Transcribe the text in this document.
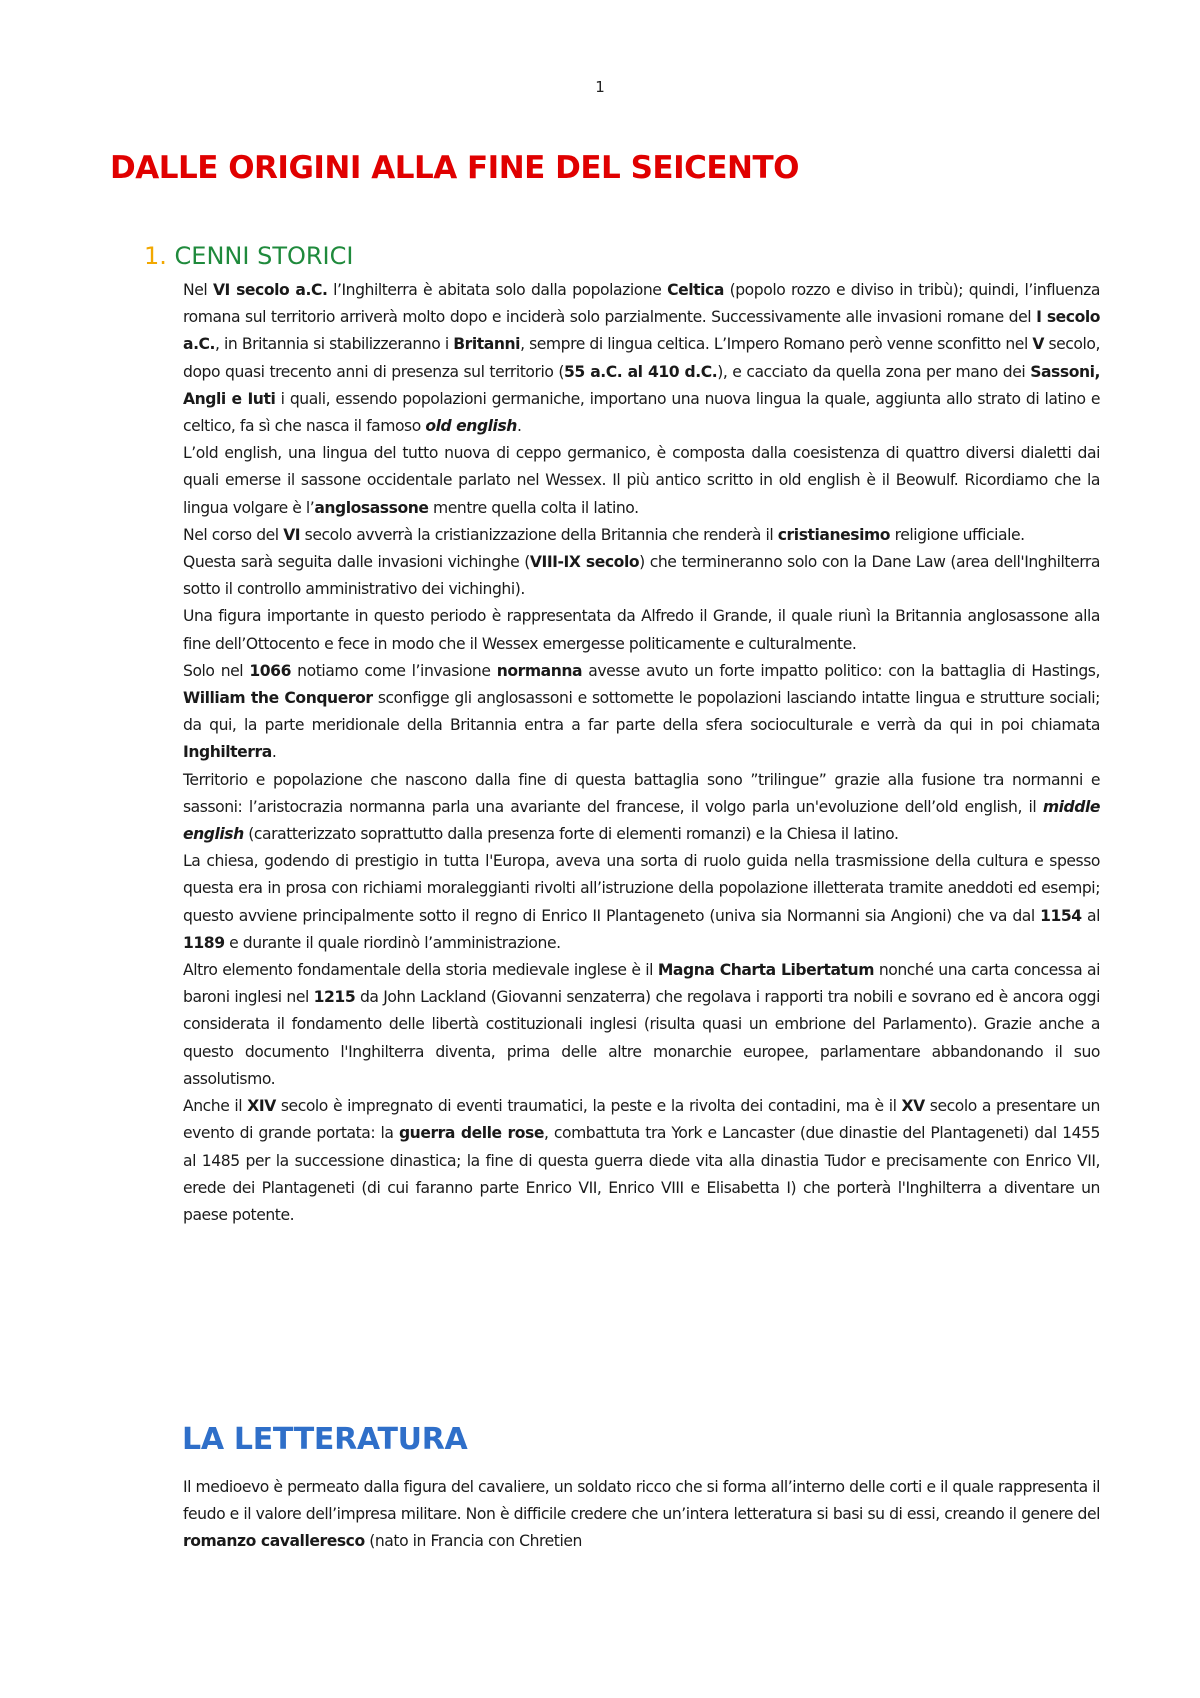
1
DALLE ORIGINI ALLA FINE DEL SEICENTO
1. CENNI STORICI

Nel VI secolo a.C. l’Inghilterra è abitata solo dalla popolazione Celtica (popolo rozzo e diviso in tribù); quindi, l’influenza romana sul territorio arriverà molto dopo e inciderà solo parzialmente. Successivamente alle invasioni romane del I secolo a.C., in Britannia si stabilizzeranno i Britanni, sempre di lingua celtica. L’Impero Romano però venne sconfitto nel V secolo, dopo quasi trecento anni di presenza sul territorio (55 a.C. al 410 d.C.), e cacciato da quella zona per mano dei Sassoni, Angli e Iuti i quali, essendo popolazioni germaniche, importano una nuova lingua la quale, aggiunta allo strato di latino e celtico, fa sì che nasca il famoso old english.

L’old english, una lingua del tutto nuova di ceppo germanico, è composta dalla coesistenza di quattro diversi dialetti dai quali emerse il sassone occidentale parlato nel Wessex. Il più antico scritto in old english è il Beowulf. Ricordiamo che la lingua volgare è l’anglosassone mentre quella colta il latino.

Nel corso del VI secolo avverrà la cristianizzazione della Britannia che renderà il cristianesimo religione ufficiale.

Questa sarà seguita dalle invasioni vichinghe (VIII-IX secolo) che termineranno solo con la Dane Law (area dell'Inghilterra sotto il controllo amministrativo dei vichinghi).

Una figura importante in questo periodo è rappresentata da Alfredo il Grande, il quale riunì la Britannia anglosassone alla fine dell’Ottocento e fece in modo che il Wessex emergesse politicamente e culturalmente.

Solo nel 1066 notiamo come l’invasione normanna avesse avuto un forte impatto politico: con la battaglia di Hastings, William the Conqueror sconfigge gli anglosassoni e sottomette le popolazioni lasciando intatte lingua e strutture sociali; da qui, la parte meridionale della Britannia entra a far parte della sfera socioculturale e verrà da qui in poi chiamata Inghilterra.

Territorio e popolazione che nascono dalla fine di questa battaglia sono ”trilingue” grazie alla fusione tra normanni e sassoni: l’aristocrazia normanna parla una avariante del francese, il volgo parla un'evoluzione dell’old english, il middle english (caratterizzato soprattutto dalla presenza forte di elementi romanzi) e la Chiesa il latino.

La chiesa, godendo di prestigio in tutta l'Europa, aveva una sorta di ruolo guida nella trasmissione della cultura e spesso questa era in prosa con richiami moraleggianti rivolti all’istruzione della popolazione illetterata tramite aneddoti ed esempi; questo avviene principalmente sotto il regno di Enrico II Plantageneto (univa sia Normanni sia Angioni) che va dal 1154 al 1189 e durante il quale riordinò l’amministrazione.

Altro elemento fondamentale della storia medievale inglese è il Magna Charta Libertatum nonché una carta concessa ai baroni inglesi nel 1215 da John Lackland (Giovanni senzaterra) che regolava i rapporti tra nobili e sovrano ed è ancora oggi considerata il fondamento delle libertà costituzionali inglesi (risulta quasi un embrione del Parlamento). Grazie anche a questo documento l'Inghilterra diventa, prima delle altre monarchie europee, parlamentare abbandonando il suo assolutismo.

Anche il XIV secolo è impregnato di eventi traumatici, la peste e la rivolta dei contadini, ma è il XV secolo a presentare un evento di grande portata: la guerra delle rose, combattuta tra York e Lancaster (due dinastie del Plantageneti) dal 1455 al 1485 per la successione dinastica; la fine di questa guerra diede vita alla dinastia Tudor e precisamente con Enrico VII, erede dei Plantageneti (di cui faranno parte Enrico VII, Enrico VIII e Elisabetta I) che porterà l'Inghilterra a diventare un paese potente.

LA LETTERATURA

Il medioevo è permeato dalla figura del cavaliere, un soldato ricco che si forma all’interno delle corti e il quale rappresenta il feudo e il valore dell’impresa militare. Non è difficile credere che un’intera letteratura si basi su di essi, creando il genere del romanzo cavalleresco (nato in Francia con Chretien
